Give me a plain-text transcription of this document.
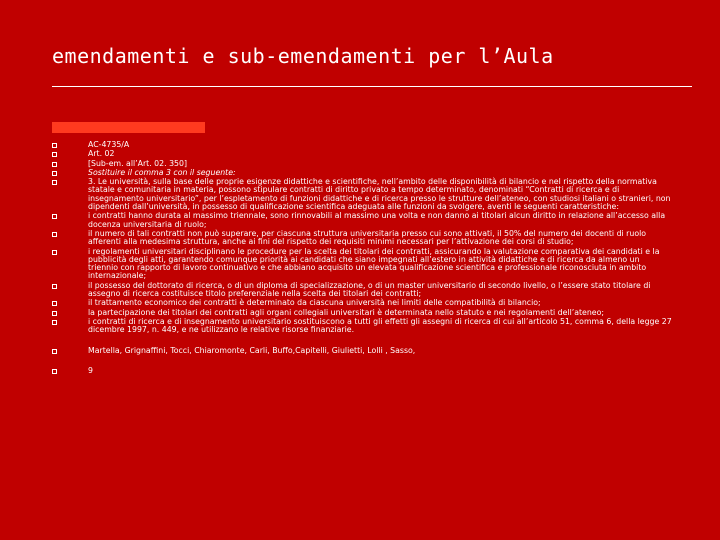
emendamenti e sub-emendamenti per l’Aula
AC-4735/A
Art. 02
[Sub-em. all’Art. 02. 350]
Sostituire il comma 3 con il seguente:
3. Le università, sulla base delle proprie esigenze didattiche e scientifiche, nell’ambito delle disponibilità di bilancio e nel rispetto della normativa statale e comunitaria in materia, possono stipulare contratti di diritto privato a tempo determinato, denominati “Contratti di ricerca e di insegnamento universitario”, per l’espletamento di funzioni didattiche e di ricerca presso le strutture dell’ateneo, con studiosi italiani o stranieri, non dipendenti dall’università, in possesso di qualificazione scientifica adeguata alle funzioni da svolgere, aventi le seguenti caratteristiche:
i contratti hanno durata al massimo triennale, sono rinnovabili al massimo una volta e non danno ai titolari alcun diritto in relazione all’accesso alla docenza universitaria di ruolo;
il numero di tali contratti non può superare, per ciascuna struttura universitaria presso cui sono attivati, il 50% del numero dei docenti di ruolo afferenti alla medesima struttura, anche ai fini del rispetto dei requisiti minimi necessari per l’attivazione dei corsi di studio;
i regolamenti universitari disciplinano le procedure per la scelta dei titolari dei contratti, assicurando la valutazione comparativa dei candidati e la pubblicità degli atti, garantendo comunque priorità ai candidati che siano impegnati all’estero in attività didattiche e di ricerca da almeno un triennio con rapporto di lavoro continuativo e che abbiano acquisito un elevata qualificazione scientifica e professionale riconosciuta in ambito internazionale;
il possesso del dottorato di ricerca, o di un diploma di specializzazione, o di un master universitario di secondo livello, o l’essere stato titolare di assegno di ricerca costituisce titolo preferenziale nella scelta dei titolari dei contratti;
il trattamento economico dei contratti è determinato da ciascuna università nei limiti delle compatibilità di bilancio;
la partecipazione dei titolari dei contratti agli organi collegiali universitari è determinata nello statuto e nei regolamenti dell’ateneo;
i contratti di ricerca e di insegnamento universitario sostituiscono a tutti gli effetti gli assegni di ricerca di cui all’articolo 51, comma 6, della legge 27 dicembre 1997, n. 449, e ne utilizzano le relative risorse finanziarie.
Martella, Grignaffini, Tocci, Chiaromonte, Carli, Buffo,Capitelli, Giulietti, Lolli , Sasso,
9
